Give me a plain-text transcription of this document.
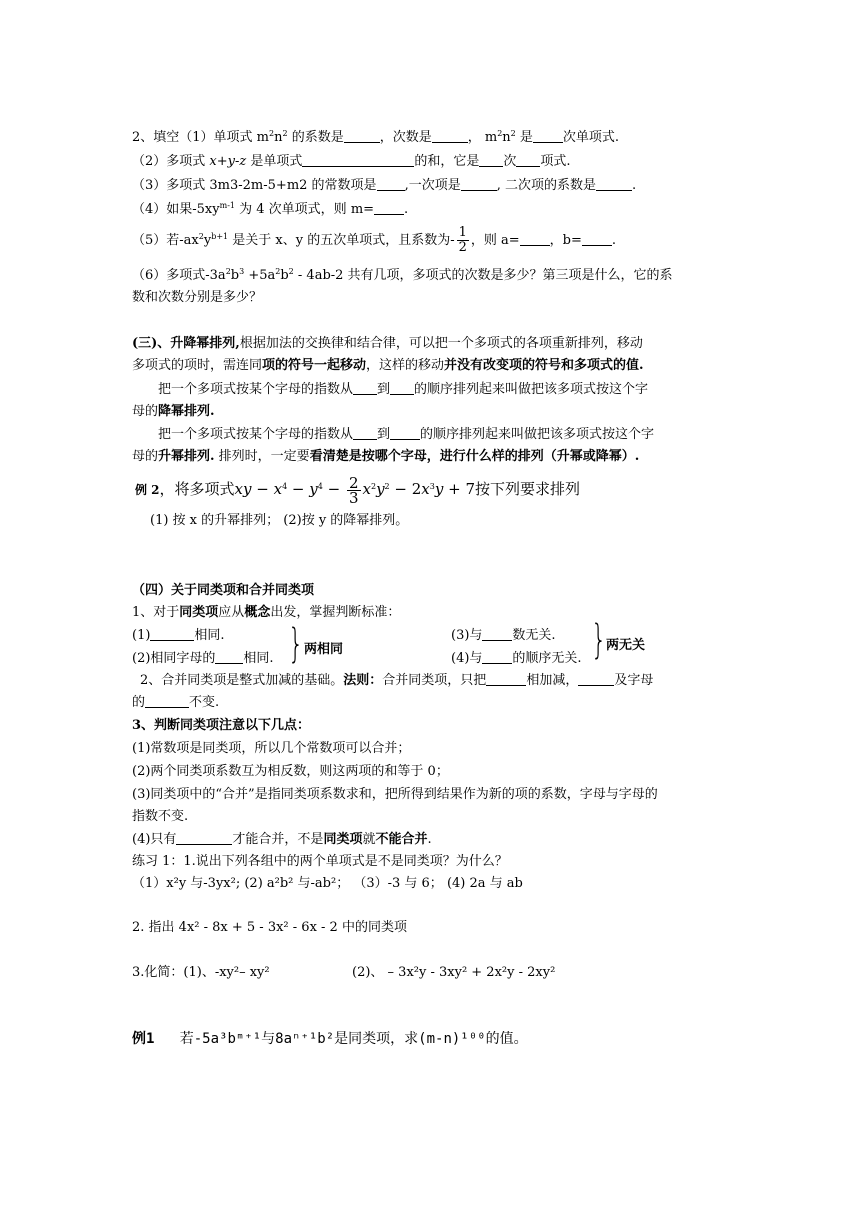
2、填空（1）单项式 $m^2n^2$ 的系数是	，次数是	， $m^2n^2$ 是 次单项式.
（2）多项式 x+y-z 是单项式	的和，它是 次 项式.
（3）多项式 3m3-2m-5+m2 的常数项是 ,一次项是	, 二次项的系数是	.
（4）如果$-5xy^{m-1}$ 为 4 次单项式，则 m= .
（5）若$-ax^2y^{b+1}$ 是关于 x、y 的五次单项式，且系数为- $\frac{1}{2}$ ，则 a= ，b= .
（6）多项式$-3a^2b^3 +5a^2b^2 - 4ab-2$ 共有几项，多项式的次数是多少？第三项是什么，它的系
数和次数分别是多少？
(三)、升降幂排列,根据加法的交换律和结合律，可以把一个多项式的各项重新排列，移动
多项式的项时，需连同项的符号一起移动，这样的移动并没有改变项的符号和多项式的值.
把一个多项式按某个字母的指数从 到 的顺序排列起来叫做把该多项式按这个字
母的降幂排列.
把一个多项式按某个字母的指数从 到 的顺序排列起来叫做把该多项式按这个字
母的升幂排列. 排列时，一定要看清楚是按哪个字母，进行什么样的排列（升幂或降幂）.
例 2，将多项式xy − $x^4 - y^4 - \frac{2}{3} x^2y^2 - 2x^3y + 7$按下列要求排列
(1) 按 x 的升幂排列； (2)按 y 的降幂排列。
（四）关于同类项和合并同类项
1、对于同类项应从概念出发，掌握判断标准：
(1)	相同.
(2)相同字母的 相同. } 两相同
(3)与 数无关.
(4)与 的顺序无关. } 两无关
2、合并同类项是整式加减的基础。法则：合并同类项，只把	相加减，	及字母
的	不变.
3、判断同类项注意以下几点：
(1)常数项是同类项，所以几个常数项可以合并；
(2)两个同类项系数互为相反数，则这两项的和等于 0；
(3)同类项中的“合并”是指同类项系数求和，把所得到结果作为新的项的系数，字母与字母的
指数不变.
(4)只有	才能合并，不是同类项就不能合并.
练习 1：1.说出下列各组中的两个单项式是不是同类项？为什么？
（1）x²y 与-3yx²; (2) a²b² 与-ab²； （3）-3 与 6； (4) 2a 与 ab
2. 指出 4x² - 8x + 5 - 3x² - 6x - 2 中的同类项
3.化简：(1)、-xy²– xy²	(2)、 – 3x²y - 3xy² + 2x²y - 2xy²
例1 若-5a³bᵐ⁺¹与8aⁿ⁺¹b²是同类项，求(m-n)¹⁰⁰的值。
